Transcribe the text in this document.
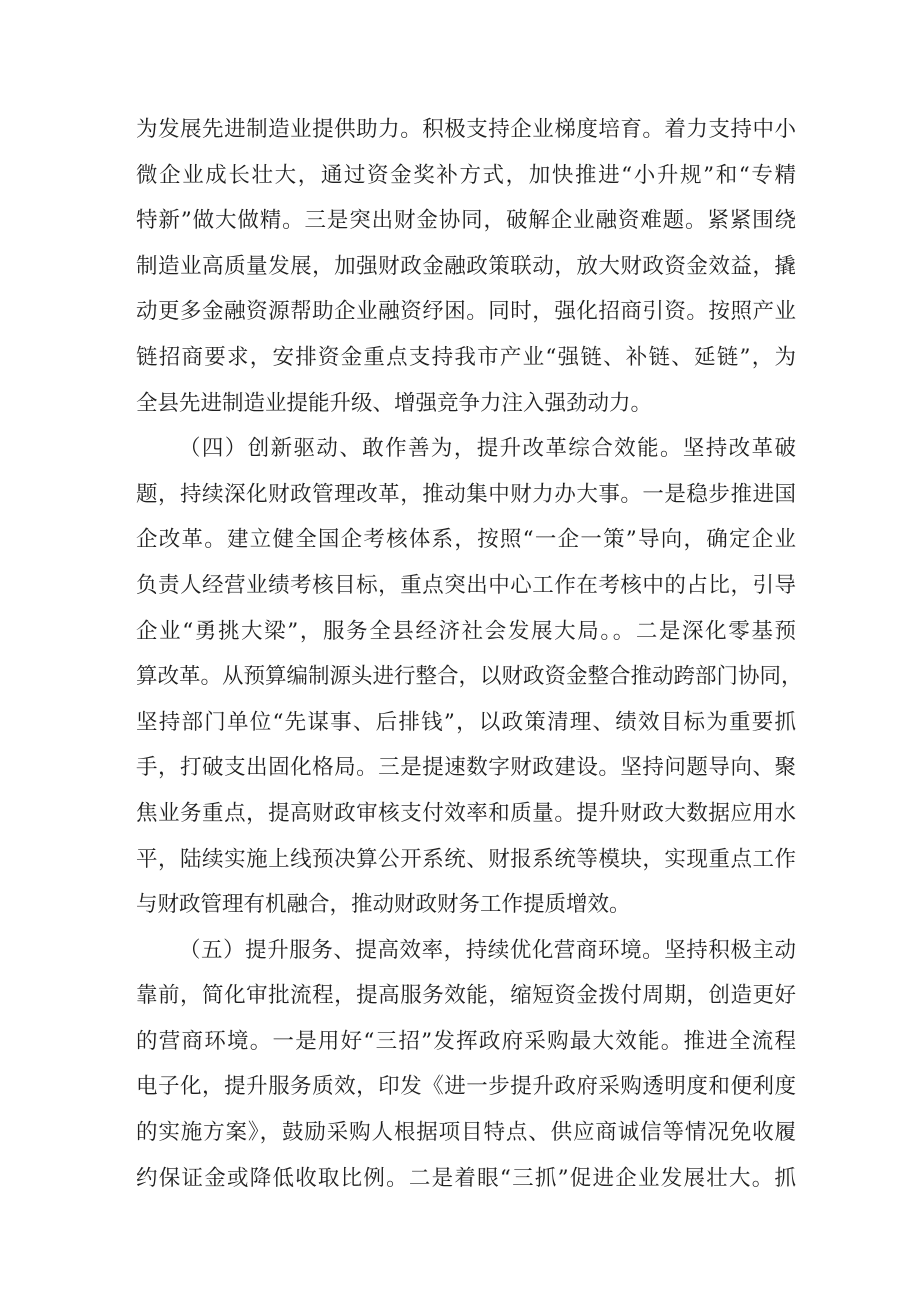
为发展先进制造业提供助力。积极支持企业梯度培育。着力支持中小
微企业成长壮大，通过资金奖补方式，加快推进“小升规”和“专精
特新”做大做精。三是突出财金协同，破解企业融资难题。紧紧围绕
制造业高质量发展，加强财政金融政策联动，放大财政资金效益，撬
动更多金融资源帮助企业融资纾困。同时，强化招商引资。按照产业
链招商要求，安排资金重点支持我市产业“强链、补链、延链”，为
全县先进制造业提能升级、增强竞争力注入强劲动力。
（四）创新驱动、敢作善为，提升改革综合效能。坚持改革破
题，持续深化财政管理改革，推动集中财力办大事。一是稳步推进国
企改革。建立健全国企考核体系，按照“一企一策”导向，确定企业
负责人经营业绩考核目标，重点突出中心工作在考核中的占比，引导
企业“勇挑大梁”，服务全县经济社会发展大局。。二是深化零基预
算改革。从预算编制源头进行整合，以财政资金整合推动跨部门协同，
坚持部门单位“先谋事、后排钱”，以政策清理、绩效目标为重要抓
手，打破支出固化格局。三是提速数字财政建设。坚持问题导向、聚
焦业务重点，提高财政审核支付效率和质量。提升财政大数据应用水
平，陆续实施上线预决算公开系统、财报系统等模块，实现重点工作
与财政管理有机融合，推动财政财务工作提质增效。
（五）提升服务、提高效率，持续优化营商环境。坚持积极主动
靠前，简化审批流程，提高服务效能，缩短资金拨付周期，创造更好
的营商环境。一是用好“三招”发挥政府采购最大效能。推进全流程
电子化，提升服务质效，印发《进一步提升政府采购透明度和便利度
的实施方案》，鼓励采购人根据项目特点、供应商诚信等情况免收履
约保证金或降低收取比例。二是着眼“三抓”促进企业发展壮大。抓
